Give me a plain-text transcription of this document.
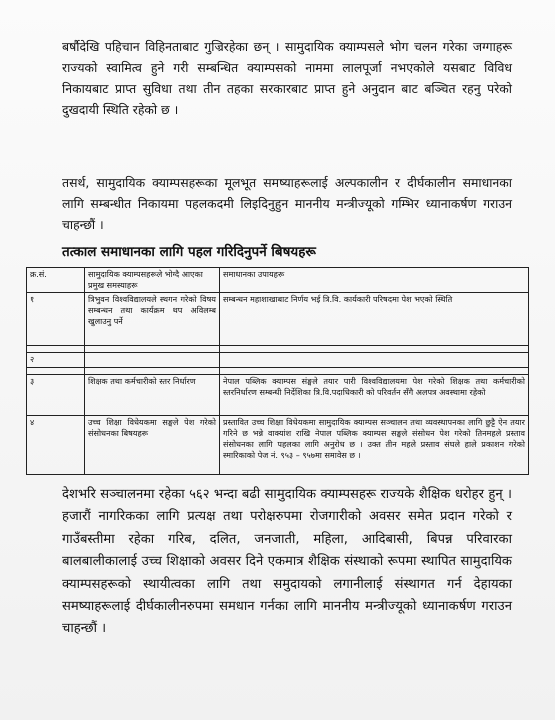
बर्षौदेखि पहिचान विहिनताबाट गुज्रिरहेका छन् । सामुदायिक क्याम्पसले भोग चलन गरेका जग्गाहरू राज्यको स्वामित्व हुने गरी सम्बन्धित क्याम्पसको नाममा लालपूर्जा नभएकोले यसबाट विविध निकायबाट प्राप्त सुविधा तथा तीन तहका सरकारबाट प्राप्त हुने अनुदान बाट बञ्चित रहनु परेको दुखदायी स्थिति रहेको छ ।

तसर्थ, सामुदायिक क्याम्पसहरूका मूलभूत समष्याहरूलाई अल्पकालीन र दीर्घकालीन समाधानका लागि सम्बन्धीत निकायमा पहलकदमी लिइदिनुहुन माननीय मन्त्रीज्यूको गम्भिर ध्यानाकर्षण गराउन चाहन्छौं ।

तत्काल समाधानका लागि पहल गरिदिनुपर्ने बिषयहरू
क्र.सं.	सामुदायिक क्याम्पसहरूले भोग्दै आएका प्रमुख समस्याहरू	समाधानका उपायहरू
१	त्रिभुवन विश्वविद्यालयले स्थगन गरेको विषय सम्बन्धन तथा कार्यक्रम थप अविलम्ब खुलाउनु पर्ने	सम्बन्धन महाशाखाबाट निर्णय भई त्रि.वि. कार्यकारी परिषदमा पेश भएको स्थिति

२		

३	शिक्षक तथा कर्मचारीको स्तर निर्धारण	नेपाल पब्लिक क्याम्पस संङ्घले तयार पारी विश्वविद्यालयमा पेश गरेको शिक्षक तथा कर्मचारीको स्तरनिर्धारण सम्बन्धी निर्देशिका त्रि.वि.पदाधिकारी को परिवर्तन सँगै अलपत्र अवस्थामा रहेको
४	उच्च शिक्षा विधेयकमा सङ्घले पेश गरेको संसोधनका बिषयहरू	प्रस्तावित उच्च शिक्षा विधेयकमा सामुदायिक क्याम्पस सञ्चालन तथा व्यवस्थापनका लागि छुट्टै ऐन तयार गरिने छ भन्ने वाक्यांश राखि नेपाल पब्लिक क्याम्पस सङ्घले संसोधन पेश गरेको तिनमहले प्रस्ताव संसोधनका लागि पहलका लागि अनुरोध छ । उक्त तीन महले प्रस्ताव संघले हाले प्रकाशन गरेको स्मारिकाको पेज नं. ९५३ – ९५७मा समावेस छ ।

देशभरि सञ्चालनमा रहेका ५६२ भन्दा बढी सामुदायिक क्याम्पसहरू राज्यके शैक्षिक धरोहर हुन् । हजारौं नागरिकका लागि प्रत्यक्ष तथा परोक्षरुपमा रोजगारीको अवसर समेत प्रदान गरेको र गाउँबस्तीमा रहेका गरिब, दलित, जनजाती, महिला, आदिबासी, बिपन्न परिवारका बालबालीकालाई उच्च शिक्षाको अवसर दिने एकमात्र शैक्षिक संस्थाको रूपमा स्थापित सामुदायिक क्याम्पसहरूको स्थायीत्वका लागि तथा समुदायको लगानीलाई संस्थागत गर्न देहायका समष्याहरूलाई दीर्घकालीनरुपमा समधान गर्नका लागि माननीय मन्त्रीज्यूको ध्यानाकर्षण गराउन चाहन्छौं ।
